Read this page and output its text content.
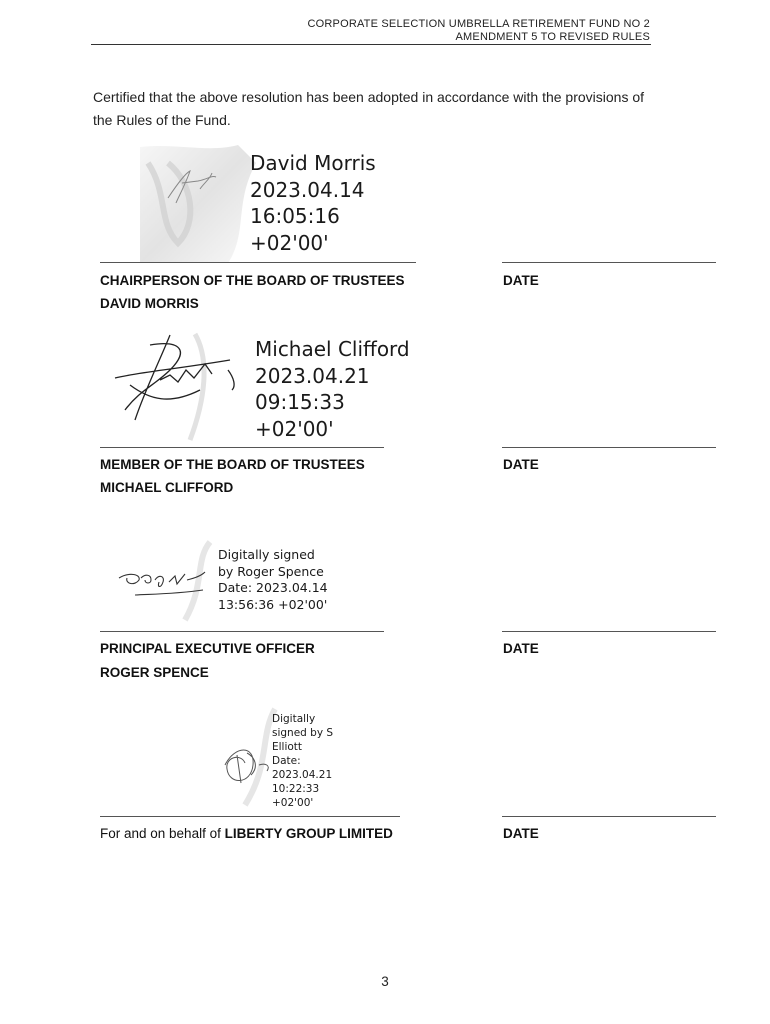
CORPORATE SELECTION UMBRELLA RETIREMENT FUND NO 2
AMENDMENT 5 TO REVISED RULES
Certified that the above resolution has been adopted in accordance with the provisions of the Rules of the Fund.
David Morris
2023.04.14
16:05:16
+02'00'
CHAIRPERSON OF THE BOARD OF TRUSTEES
DAVID MORRIS
DATE
Michael Clifford
2023.04.21
09:15:33
+02'00'
MEMBER OF THE BOARD OF TRUSTEES
MICHAEL CLIFFORD
DATE
Digitally signed
by Roger Spence
Date: 2023.04.14
13:56:36 +02'00'
PRINCIPAL EXECUTIVE OFFICER
ROGER SPENCE
DATE
Digitally
signed by S
Elliott
Date:
2023.04.21
10:22:33
+02'00'
For and on behalf of LIBERTY GROUP LIMITED	DATE
3
